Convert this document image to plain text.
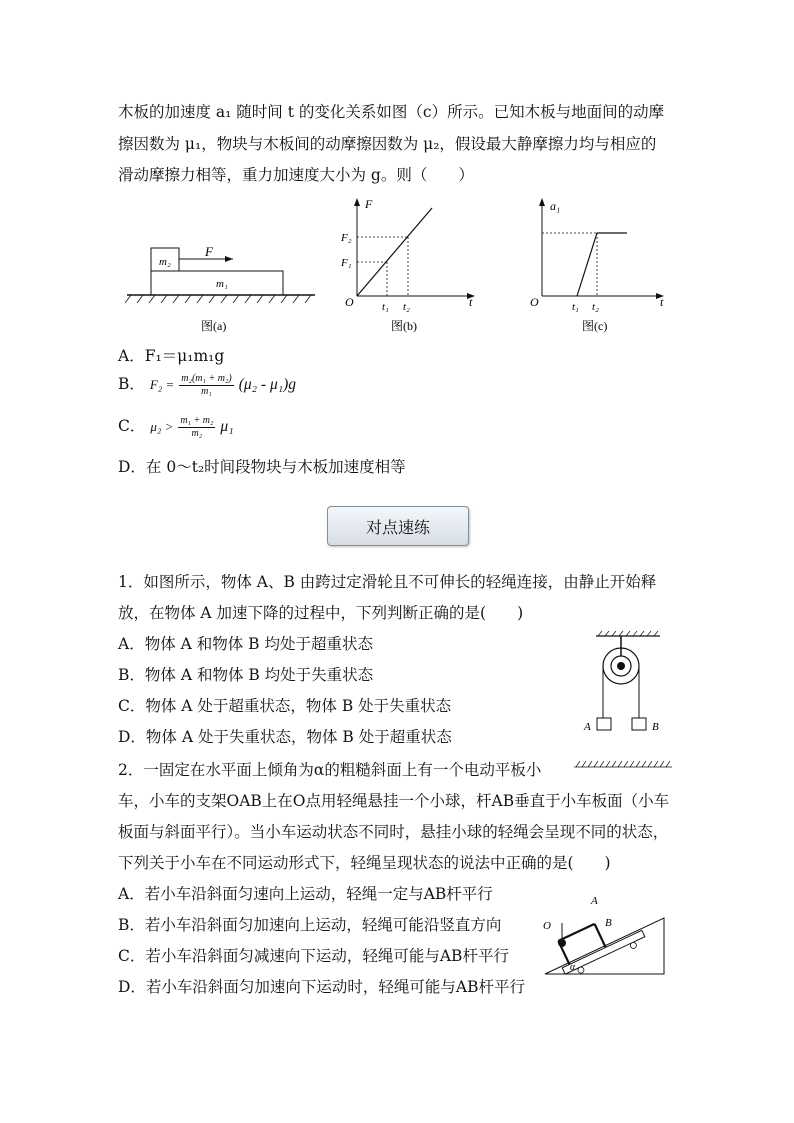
木板的加速度 a₁ 随时间 t 的变化关系如图（c）所示。已知木板与地面间的动摩
擦因数为 μ₁，物块与木板间的动摩擦因数为 μ₂，假设最大静摩擦力均与相应的
滑动摩擦力相等，重力加速度大小为 g。则（　　）
m₂
F
m₁
图(a)
F
O	t
F₂
F₁
t₁ t₂
图(b)
a₁
O	t
t₁ t₂
图(c)
A．F₁＝μ₁m₁g
B． $F_2 = \frac{\text{m₂(m₁ + m₂)}}{\text{m₁}} (\mu_2 - \mu_1)g$
C． $\mu_2 > \frac{\text{m₁ + m₂}}{\text{m₂}} \mu_1$
D．在 0～t₂时间段物块与木板加速度相等
对点速练
1．如图所示，物体 A、B 由跨过定滑轮且不可伸长的轻绳连接，由静止开始释
放，在物体 A 加速下降的过程中，下列判断正确的是(　　)
A．物体 A 和物体 B 均处于超重状态
B．物体 A 和物体 B 均处于失重状态
C．物体 A 处于超重状态，物体 B 处于失重状态
D．物体 A 处于失重状态，物体 B 处于超重状态
A	B
2．一固定在水平面上倾角为α的粗糙斜面上有一个电动平板小
车，小车的支架OAB上在O点用轻绳悬挂一个小球，杆AB垂直于小车板面（小车
板面与斜面平行）。当小车运动状态不同时，悬挂小球的轻绳会呈现不同的状态，
下列关于小车在不同运动形式下，轻绳呈现状态的说法中正确的是(　　)
A．若小车沿斜面匀速向上运动，轻绳一定与AB杆平行
B．若小车沿斜面匀加速向上运动，轻绳可能沿竖直方向
C．若小车沿斜面匀减速向下运动，轻绳可能与AB杆平行
D．若小车沿斜面匀加速向下运动时，轻绳可能与AB杆平行
O
A
B
α
